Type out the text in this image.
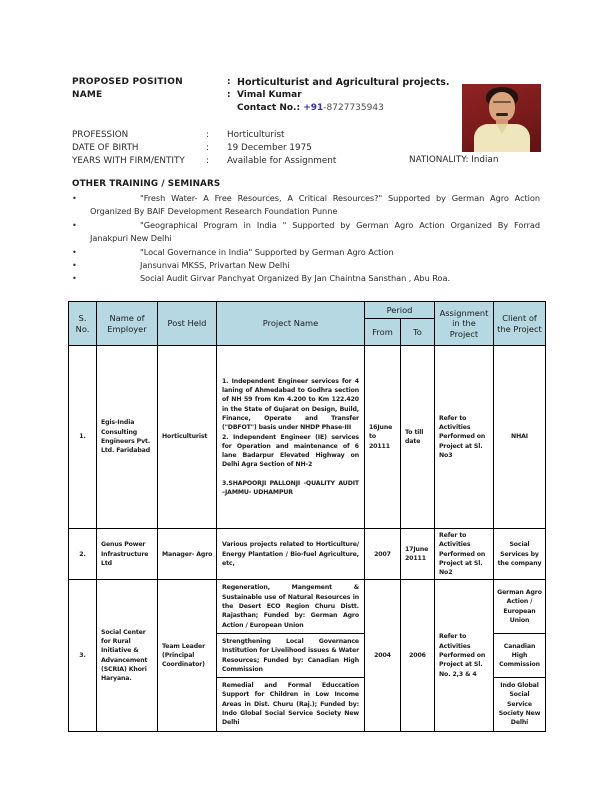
PROPOSED POSITION	: Horticulturist and Agricultural projects.
NAME	: Vimal Kumar
Contact No.: +91-8727735943
PROFESSION	:	Horticulturist
DATE OF BIRTH	:	19 December 1975
YEARS WITH FIRM/ENTITY	:	Available for Assignment	NATIONALITY: Indian
OTHER TRAINING / SEMINARS
•	"Fresh Water- A Free Resources, A Critical Resources?" Supported by German Agro Action Organized By BAIF Development Research Foundation Punne
•	"Geographical Program in India " Supported by German Agro Action Organized By Forrad Janakpuri New Delhi
•	"Local Governance in India" Supported by German Agro Action
•	Jansunvai MKSS, Privartan New Delhi
•	Social Audit Girvar Panchyat Organized By Jan Chaintna Sansthan , Abu Roa.
S. No.	Name of Employer	Post Held	Project Name	Period		Assignment in the Project	Client of the Project
				From	To		
1.	Egis-India Consulting Engineers Pvt. Ltd. Faridabad	Horticulturist	1. Independent Engineer services for 4 laning of Ahmedabad to Godhra section of NH 59 from Km 4.200 to Km 122.420 in the State of Gujarat on Design, Build, Finance, Operate and Transfer ("DBFOT") basis under NHDP Phase-III

2. Independent Engineer (IE) services for Operation and maintenance of 6 lane Badarpur Elevated Highway on Delhi Agra Section of NH-2

3.SHAPOORJI PALLONJI -QUALITY AUDIT –JAMMU- UDHAMPUR	16June to 20111	To till date	Refer to Activities Performed on Project at Sl. No3	NHAI
2.	Genus Power Infrastructure Ltd	Manager- Agro	Various projects related to Horticulture/ Energy Plantation / Bio-fuel Agriculture, etc,	2007	17June 20111	Refer to Activities Performed on Project at Sl. No2	Social Services by the company
3.	Social Center for Rural Initiative & Advancement (SCRIA) Khori Haryana.	Team Leader (Principal Coordinator)	Regeneration, Mangement & Sustainable use of Natural Resources in the Desert ECO Region Churu Distt. Rajasthan; Funded by: German Agro Action / European Union	2004	2006	Refer to Activities Performed on Project at Sl. No. 2,3 & 4	German Agro Action / European Union
			Strengthening Local Governance Institution for Livelihood issues & Water Resources; Funded by: Canadian High Commission				Canadian High Commission
			Remedial and Formal Educcation Support for Children in Low Income Areas in Dist. Churu (Raj.); Funded by: Indo Global Social Service Society New Delhi				Indo Global Social Service Society New Delhi
